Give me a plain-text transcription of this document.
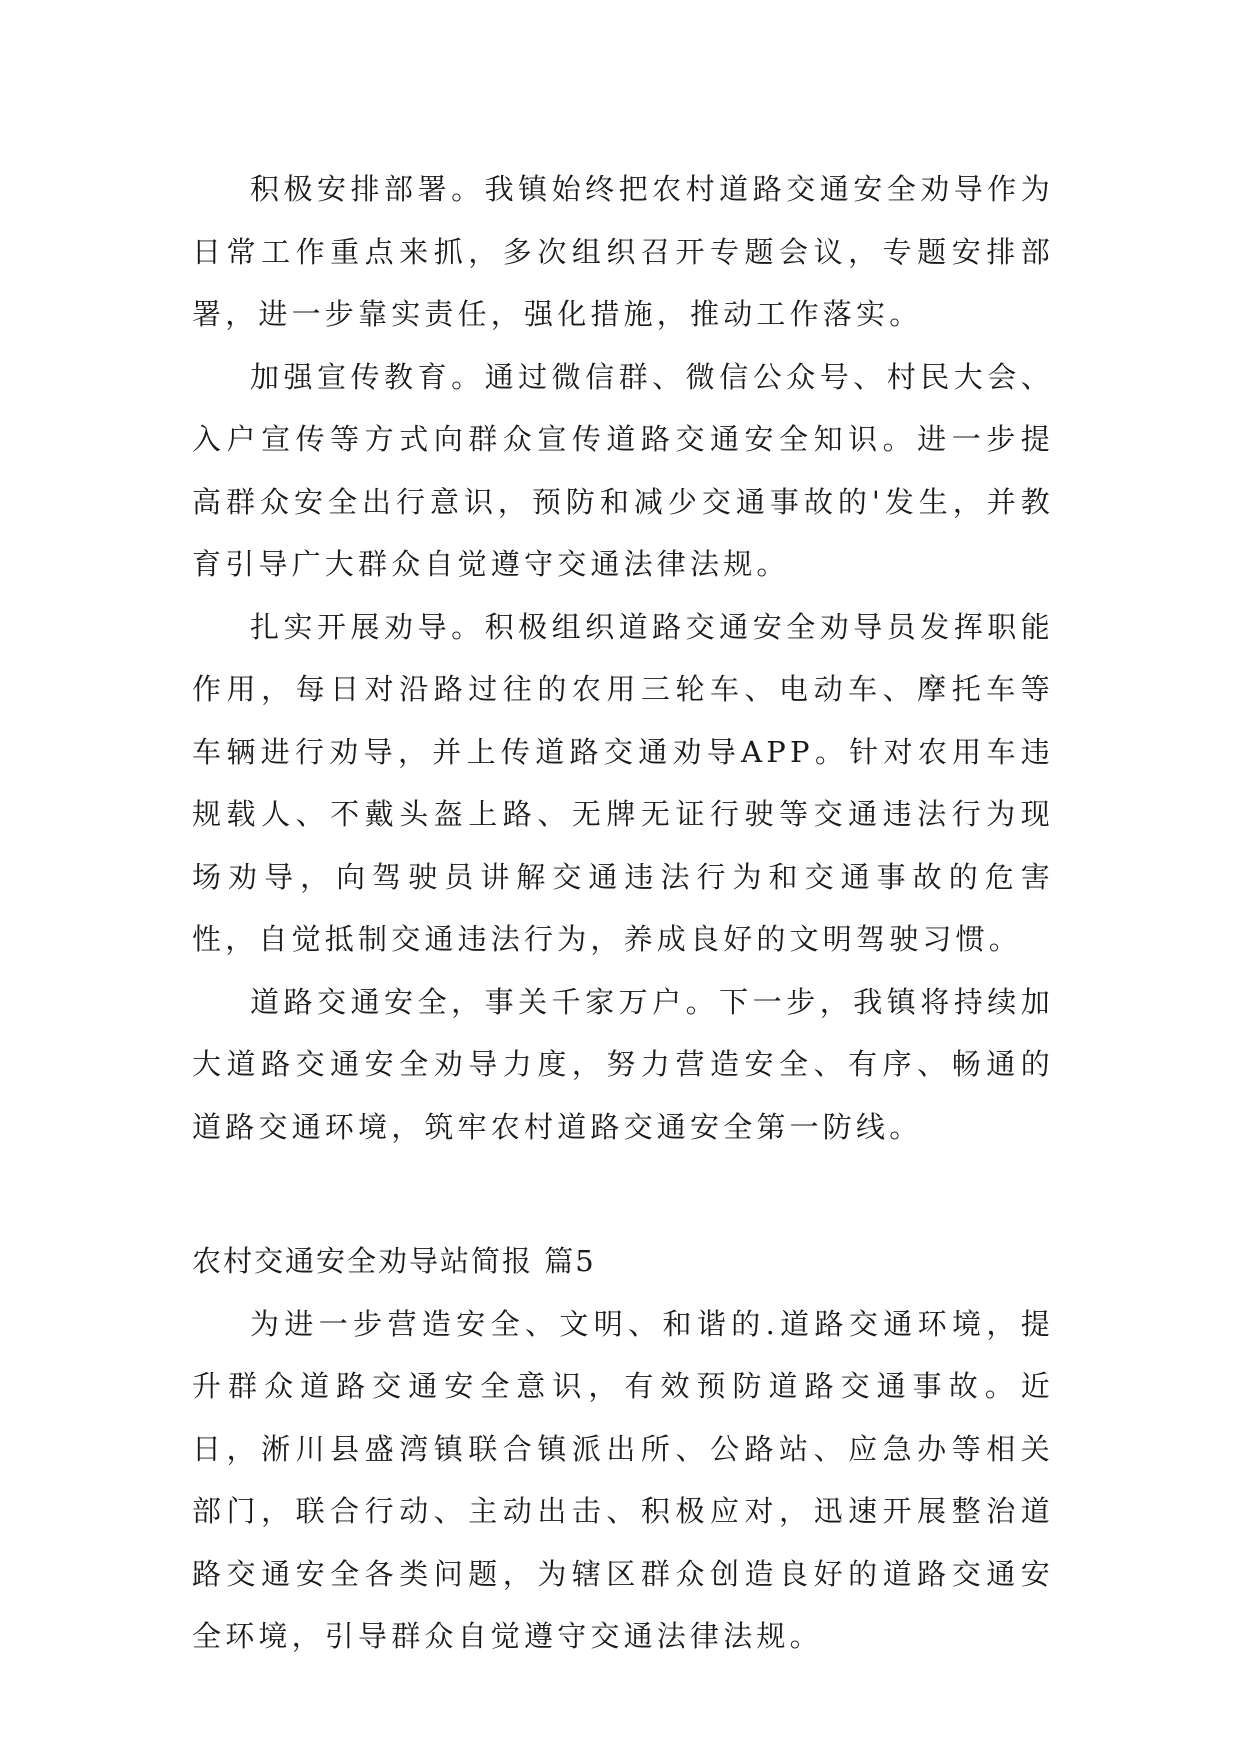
积极安排部署。我镇始终把农村道路交通安全劝导作为日常工作重点来抓，多次组织召开专题会议，专题安排部署，进一步靠实责任，强化措施，推动工作落实。

加强宣传教育。通过微信群、微信公众号、村民大会、入户宣传等方式向群众宣传道路交通安全知识。进一步提高群众安全出行意识，预防和减少交通事故的'发生，并教育引导广大群众自觉遵守交通法律法规。

扎实开展劝导。积极组织道路交通安全劝导员发挥职能作用，每日对沿路过往的农用三轮车、电动车、摩托车等车辆进行劝导，并上传道路交通劝导APP。针对农用车违规载人、不戴头盔上路、无牌无证行驶等交通违法行为现场劝导，向驾驶员讲解交通违法行为和交通事故的危害性，自觉抵制交通违法行为，养成良好的文明驾驶习惯。

道路交通安全，事关千家万户。下一步，我镇将持续加大道路交通安全劝导力度，努力营造安全、有序、畅通的道路交通环境，筑牢农村道路交通安全第一防线。

农村交通安全劝导站简报 篇5

为进一步营造安全、文明、和谐的.道路交通环境，提升群众道路交通安全意识，有效预防道路交通事故。近日，淅川县盛湾镇联合镇派出所、公路站、应急办等相关部门，联合行动、主动出击、积极应对，迅速开展整治道路交通安全各类问题，为辖区群众创造良好的道路交通安全环境，引导群众自觉遵守交通法律法规。
